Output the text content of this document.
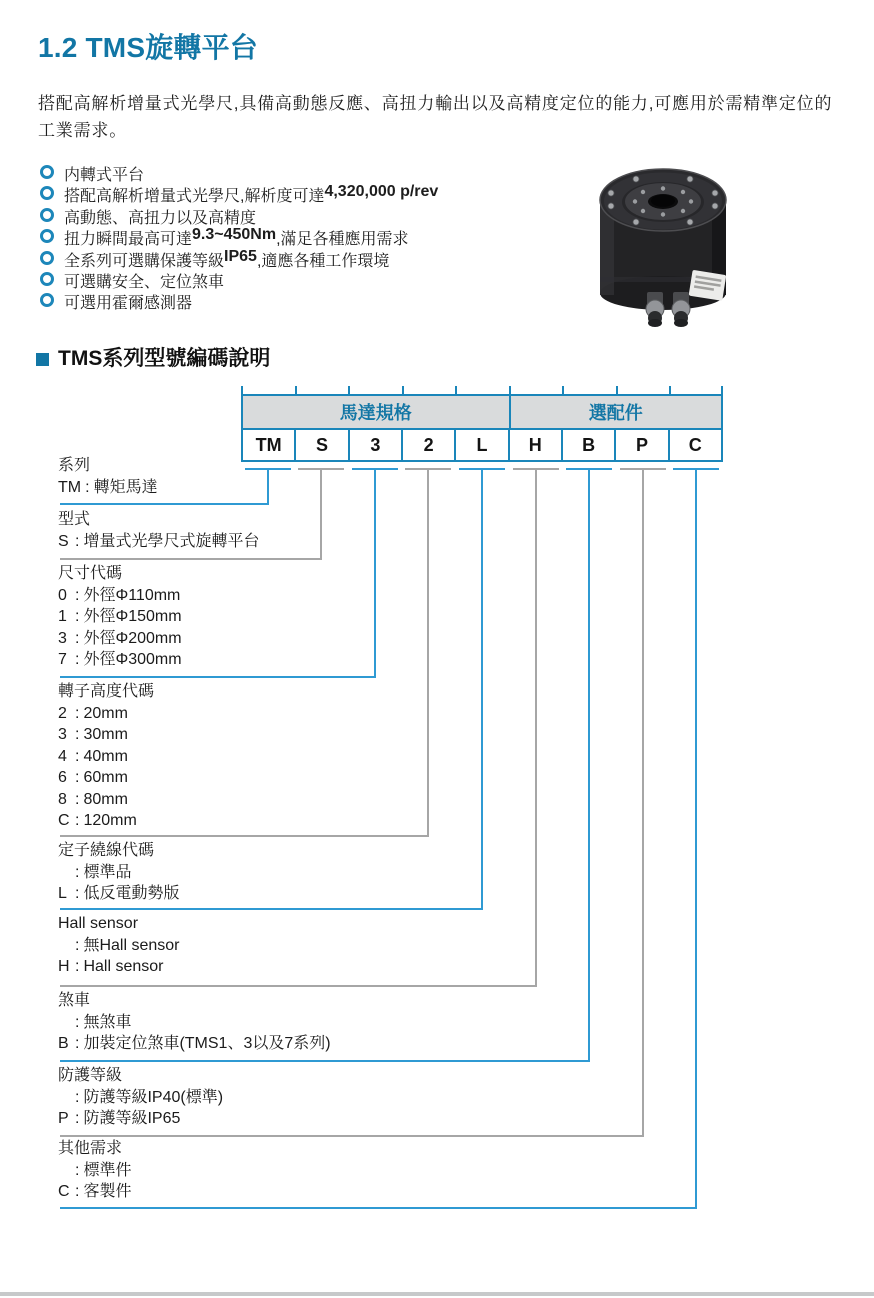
1.2 TMS旋轉平台

搭配高解析增量式光學尺,具備高動態反應、高扭力輸出以及高精度定位的能力,可應用於需精準定位的工業需求。

内轉式平台
搭配高解析增量式光學尺,解析度可達 4,320,000 p/rev
高動態、高扭力以及高精度
扭力瞬間最高可達 9.3~450Nm ,滿足各種應用需求
全系列可選購保護等級 IP65 ,適應各種工作環境
可選購安全、定位煞車
可選用霍爾感測器
TMS系列型號編碼說明
馬達規格	選配件
TM	S	3	2	L	H	B	P	C
系列
TM : 轉矩馬達
型式
S : 增量式光學尺式旋轉平台
尺寸代碼
0 : 外徑Φ110mm
1 : 外徑Φ150mm
3 : 外徑Φ200mm
7 : 外徑Φ300mm
轉子高度代碼
2 : 20mm
3 : 30mm
4 : 40mm
6 : 60mm
8 : 80mm
C : 120mm
定子繞線代碼
: 標準品
L : 低反電動勢版
Hall sensor
: 無Hall sensor
H : Hall sensor
煞車
: 無煞車
B : 加裝定位煞車(TMS1、3以及7系列)
防護等級
: 防護等級IP40(標準)
P : 防護等級IP65
其他需求
: 標準件
C : 客製件
